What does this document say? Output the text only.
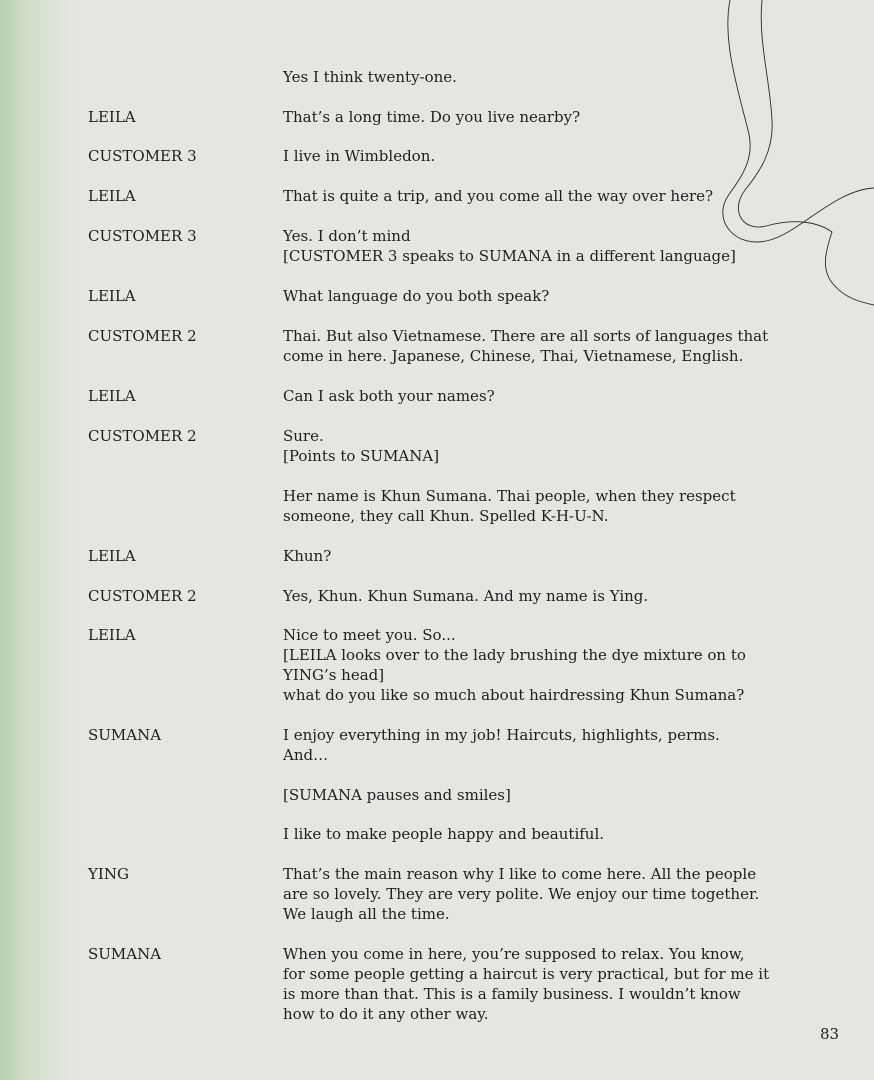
Yes I think twenty-one.
LEILA	That’s a long time. Do you live nearby?
CUSTOMER 3	I live in Wimbledon.
LEILA	That is quite a trip, and you come all the way over here?
CUSTOMER 3	Yes. I don’t mind
[CUSTOMER 3 speaks to SUMANA in a different language]
LEILA	What language do you both speak?
CUSTOMER 2	Thai. But also Vietnamese. There are all sorts of languages that
come in here. Japanese, Chinese, Thai, Vietnamese, English.
LEILA	Can I ask both your names?
CUSTOMER 2	Sure.
[Points to SUMANA]
Her name is Khun Sumana. Thai people, when they respect
someone, they call Khun. Spelled K-H-U-N.
LEILA	Khun?
CUSTOMER 2	Yes, Khun. Khun Sumana. And my name is Ying.
LEILA	Nice to meet you. So...
[LEILA looks over to the lady brushing the dye mixture on to
YING’s head]
what do you like so much about hairdressing Khun Sumana?
SUMANA	I enjoy everything in my job! Haircuts, highlights, perms.
And…
[SUMANA pauses and smiles]
I like to make people happy and beautiful.
YING	That’s the main reason why I like to come here. All the people
are so lovely. They are very polite. We enjoy our time together.
We laugh all the time.
SUMANA	When you come in here, you’re supposed to relax. You know,
for some people getting a haircut is very practical, but for me it
is more than that. This is a family business. I wouldn’t know
how to do it any other way.
83
